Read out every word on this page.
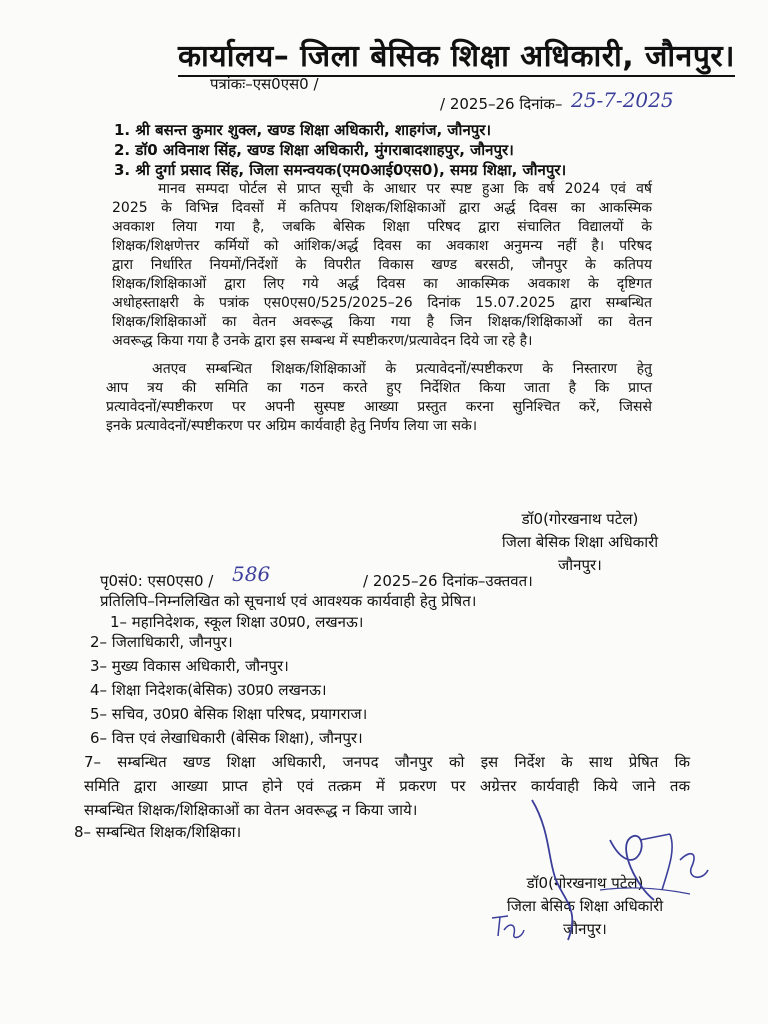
कार्यालय– जिला बेसिक शिक्षा अधिकारी, जौनपुर।
पत्रांकः–एस0एस0 /
/ 2025–26 दिनांक– 25-7-2025
1. श्री बसन्त कुमार शुक्ल, खण्ड शिक्षा अधिकारी, शाहगंज, जौनपुर।
2. डॉ0 अविनाश सिंह, खण्ड शिक्षा अधिकारी, मुंगराबादशाहपुर, जौनपुर।
3. श्री दुर्गा प्रसाद सिंह, जिला समन्वयक(एम0आई0एस0), समग्र शिक्षा, जौनपुर।

मानव सम्पदा पोर्टल से प्राप्त सूची के आधार पर स्पष्ट हुआ कि वर्ष 2024 एवं वर्ष

2025 के विभिन्न दिवसों में कतिपय शिक्षक/शिक्षिकाओं द्वारा अर्द्ध दिवस का आकस्मिक

अवकाश लिया गया है, जबकि बेसिक शिक्षा परिषद द्वारा संचालित विद्यालयों के

शिक्षक/शिक्षणेत्तर कर्मियों को आंशिक/अर्द्ध दिवस का अवकाश अनुमन्य नहीं है। परिषद

द्वारा निर्धारित नियमों/निर्देशों के विपरीत विकास खण्ड बरसठी, जौनपुर के कतिपय

शिक्षक/शिक्षिकाओं द्वारा लिए गये अर्द्ध दिवस का आकस्मिक अवकाश के दृष्टिगत

अधोहस्ताक्षरी के पत्रांक एस0एस0/525/2025–26 दिनांक 15.07.2025 द्वारा सम्बन्धित

शिक्षक/शिक्षिकाओं का वेतन अवरूद्ध किया गया है जिन शिक्षक/शिक्षिकाओं का वेतन

अवरूद्ध किया गया है उनके द्वारा इस सम्बन्ध में स्पष्टीकरण/प्रत्यावेदन दिये जा रहे है।

अतएव सम्बन्धित शिक्षक/शिक्षिकाओं के प्रत्यावेदनों/स्पष्टीकरण के निस्तारण हेतु

आप त्रय की समिति का गठन करते हुए निर्देशित किया जाता है कि प्राप्त

प्रत्यावेदनों/स्पष्टीकरण पर अपनी सुस्पष्ट आख्या प्रस्तुत करना सुनिश्चित करें, जिससे

इनके प्रत्यावेदनों/स्पष्टीकरण पर अग्रिम कार्यवाही हेतु निर्णय लिया जा सके।

डॉ0(गोरखनाथ पटेल)
जिला बेसिक शिक्षा अधिकारी
जौनपुर।
पृ0सं0: एस0एस0 / 586	/ 2025–26 दिनांक–उक्तवत।
प्रतिलिपि–निम्नलिखित को सूचनार्थ एवं आवश्यक कार्यवाही हेतु प्रेषित।
1– महानिदेशक, स्कूल शिक्षा उ0प्र0, लखनऊ।
2– जिलाधिकारी, जौनपुर।
3– मुख्य विकास अधिकारी, जौनपुर।
4– शिक्षा निदेशक(बेसिक) उ0प्र0 लखनऊ।
5– सचिव, उ0प्र0 बेसिक शिक्षा परिषद, प्रयागराज।
6– वित्त एवं लेखाधिकारी (बेसिक शिक्षा), जौनपुर।

7– सम्बन्धित खण्ड शिक्षा अधिकारी, जनपद जौनपुर को इस निर्देश के साथ प्रेषित कि

समिति द्वारा आख्या प्राप्त होने एवं तत्क्रम में प्रकरण पर अग्रेत्तर कार्यवाही किये जाने तक

सम्बन्धित शिक्षक/शिक्षिकाओं का वेतन अवरूद्ध न किया जाये।

8– सम्बन्धित शिक्षक/शिक्षिका।
डॉ0(गोरखनाथ पटेल)
जिला बेसिक शिक्षा अधिकारी
जौनपुर।
